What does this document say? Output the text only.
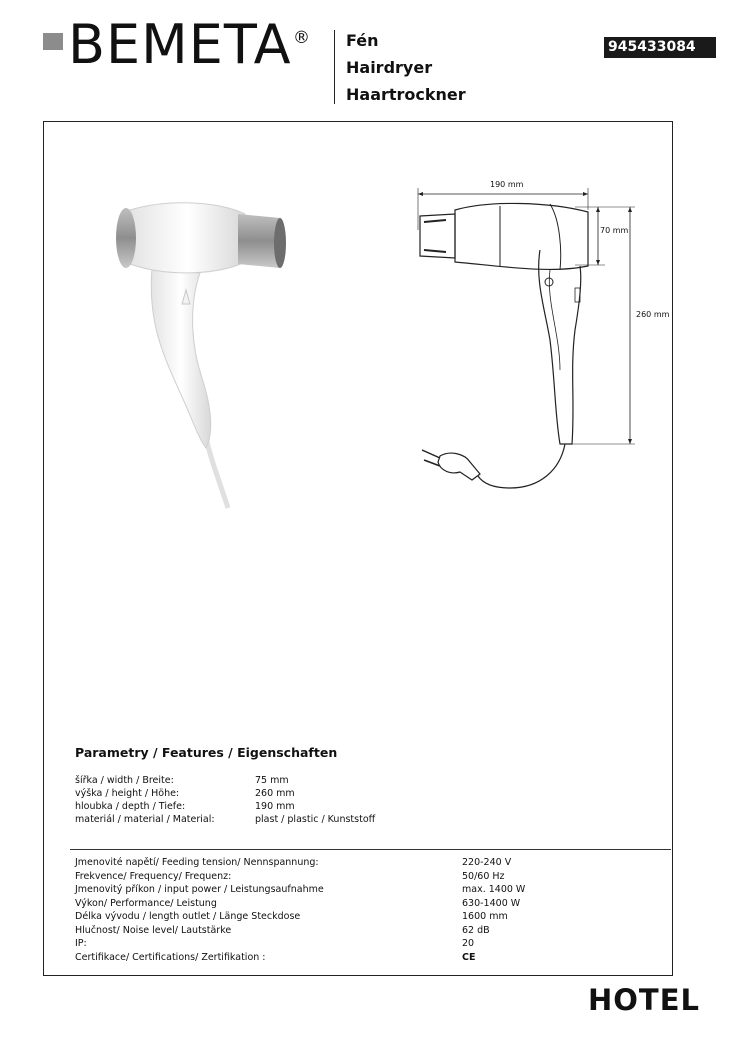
BEMETA ® Fén
Hairdryer
Haartrockner
945433084
190 mm
70 mm
260 mm
Parametry / Features / Eigenschaften
šířka / width / Breite:	75 mm
výška / height / Höhe:	260 mm
hloubka / depth / Tiefe:	190 mm
materiál / material / Material:	plast / plastic / Kunststoff
Jmenovité napětí/ Feeding tension/ Nennspannung:	220-240 V
Frekvence/ Frequency/ Frequenz:	50/60 Hz
Jmenovitý příkon / input power / Leistungsaufnahme	max. 1400 W
Výkon/ Performance/ Leistung	630-1400 W
Délka vývodu / length outlet / Länge Steckdose	1600 mm
Hlučnost/ Noise level/ Lautstärke	62 dB
IP:	20
Certifikace/ Certifications/ Zertifikation :	CE
HOTEL
